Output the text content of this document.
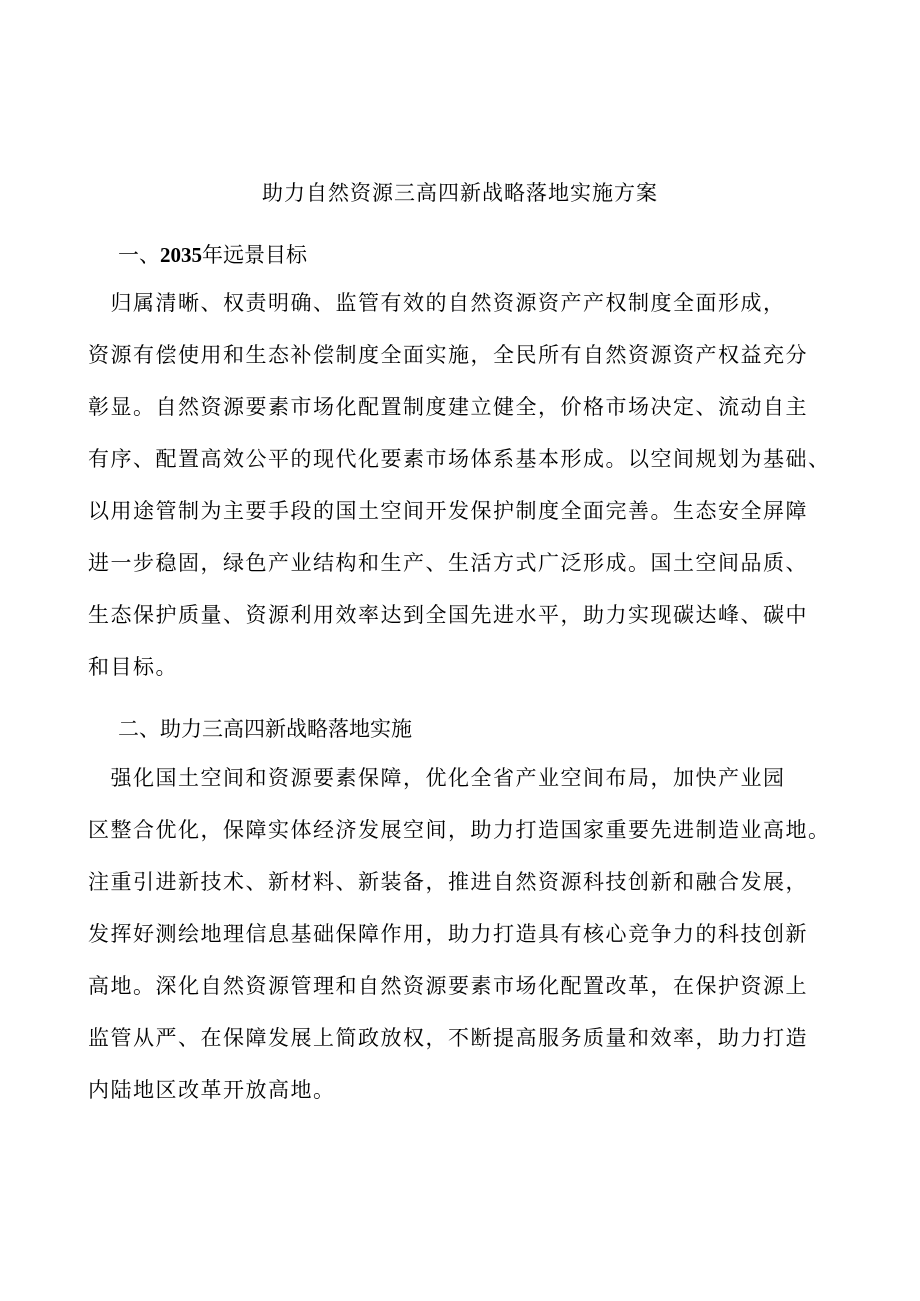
助力自然资源三高四新战略落地实施方案
一、2035年远景目标

　归属清晰、权责明确、监管有效的自然资源资产产权制度全面形成，
资源有偿使用和生态补偿制度全面实施，全民所有自然资源资产权益充分
彰显。自然资源要素市场化配置制度建立健全，价格市场决定、流动自主
有序、配置高效公平的现代化要素市场体系基本形成。以空间规划为基础、
以用途管制为主要手段的国土空间开发保护制度全面完善。生态安全屏障
进一步稳固，绿色产业结构和生产、生活方式广泛形成。国土空间品质、
生态保护质量、资源利用效率达到全国先进水平，助力实现碳达峰、碳中
和目标。

二、助力三高四新战略落地实施

　强化国土空间和资源要素保障，优化全省产业空间布局，加快产业园
区整合优化，保障实体经济发展空间，助力打造国家重要先进制造业高地。
注重引进新技术、新材料、新装备，推进自然资源科技创新和融合发展，
发挥好测绘地理信息基础保障作用，助力打造具有核心竞争力的科技创新
高地。深化自然资源管理和自然资源要素市场化配置改革，在保护资源上
监管从严、在保障发展上简政放权，不断提高服务质量和效率，助力打造
内陆地区改革开放高地。
